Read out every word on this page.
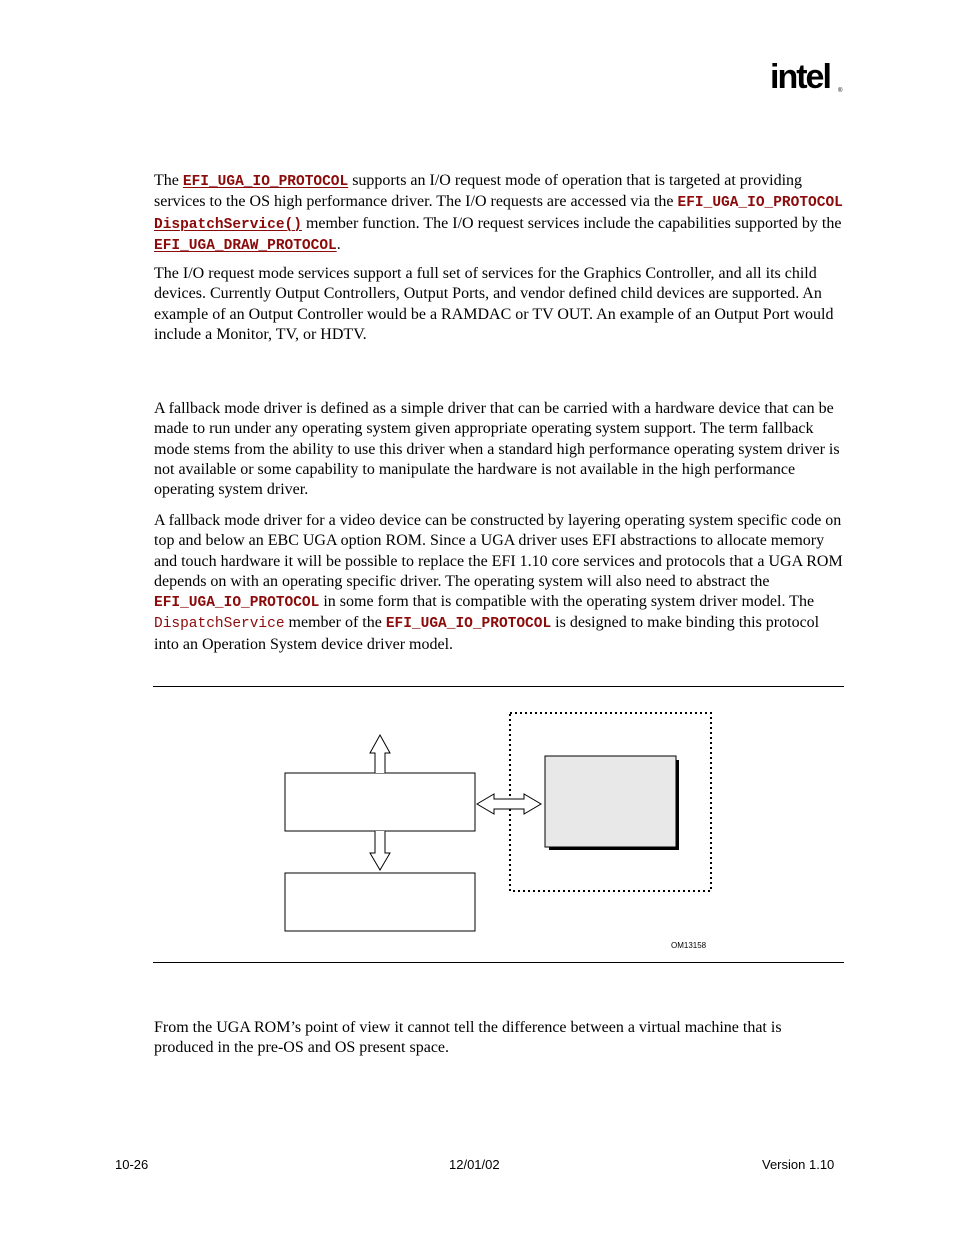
intel ®

The EFI_UGA_IO_PROTOCOL supports an I/O request mode of operation that is targeted at providing services to the OS high performance driver. The I/O requests are accessed via the EFI_UGA_IO_PROTOCOL DispatchService() member function. The I/O request services include the capabilities supported by the EFI_UGA_DRAW_PROTOCOL.

The I/O request mode services support a full set of services for the Graphics Controller, and all its child devices. Currently Output Controllers, Output Ports, and vendor defined child devices are supported. An example of an Output Controller would be a RAMDAC or TV OUT. An example of an Output Port would include a Monitor, TV, or HDTV.

A fallback mode driver is defined as a simple driver that can be carried with a hardware device that can be made to run under any operating system given appropriate operating system support. The term fallback mode stems from the ability to use this driver when a standard high performance operating system driver is not available or some capability to manipulate the hardware is not available in the high performance operating system driver.

A fallback mode driver for a video device can be constructed by layering operating system specific code on top and below an EBC UGA option ROM. Since a UGA driver uses EFI abstractions to allocate memory and touch hardware it will be possible to replace the EFI 1.10 core services and protocols that a UGA ROM depends on with an operating specific driver. The operating system will also need to abstract the EFI_UGA_IO_PROTOCOL in some form that is compatible with the operating system driver model. The DispatchService member of the EFI_UGA_IO_PROTOCOL is designed to make binding this protocol into an Operation System device driver model.

OM13158

From the UGA ROM’s point of view it cannot tell the difference between a virtual machine that is produced in the pre-OS and OS present space.

10-26	12/01/02	Version 1.10
